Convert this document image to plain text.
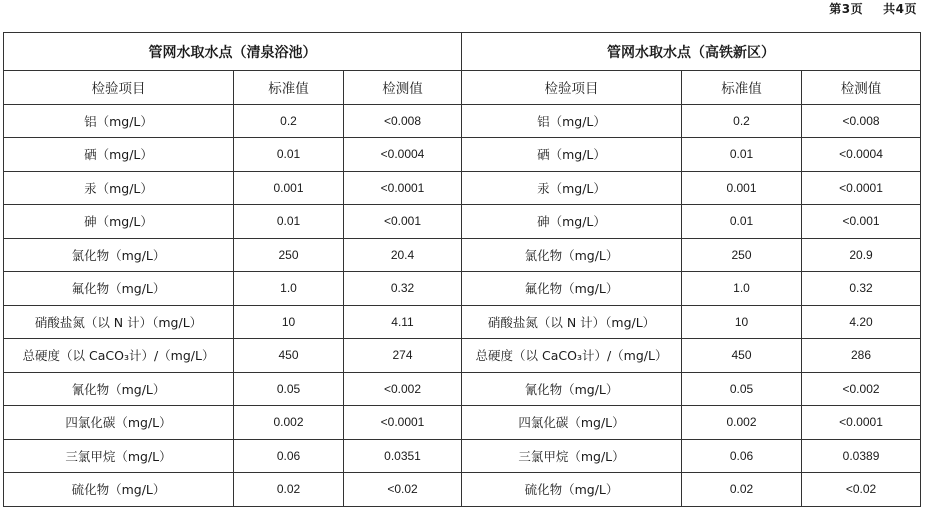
第3页 共4页
管网水取水点（清泉浴池）			管网水取水点（高铁新区）		
检验项目	标准值	检测值	检验项目	标准值	检测值
铝（mg/L）	0.2	<0.008	铝（mg/L）	0.2	<0.008
硒（mg/L）	0.01	<0.0004	硒（mg/L）	0.01	<0.0004
汞（mg/L）	0.001	<0.0001	汞（mg/L）	0.001	<0.0001
砷（mg/L）	0.01	<0.001	砷（mg/L）	0.01	<0.001
氯化物（mg/L）	250	20.4	氯化物（mg/L）	250	20.9
氟化物（mg/L）	1.0	0.32	氟化物（mg/L）	1.0	0.32
硝酸盐氮（以 N 计）（mg/L）	10	4.11	硝酸盐氮（以 N 计）（mg/L）	10	4.20
总硬度（以 CaCO₃计）/（mg/L）	450	274	总硬度（以 CaCO₃计）/（mg/L）	450	286
氰化物（mg/L）	0.05	<0.002	氰化物（mg/L）	0.05	<0.002
四氯化碳（mg/L）	0.002	<0.0001	四氯化碳（mg/L）	0.002	<0.0001
三氯甲烷（mg/L）	0.06	0.0351	三氯甲烷（mg/L）	0.06	0.0389
硫化物（mg/L）	0.02	<0.02	硫化物（mg/L）	0.02	<0.02
